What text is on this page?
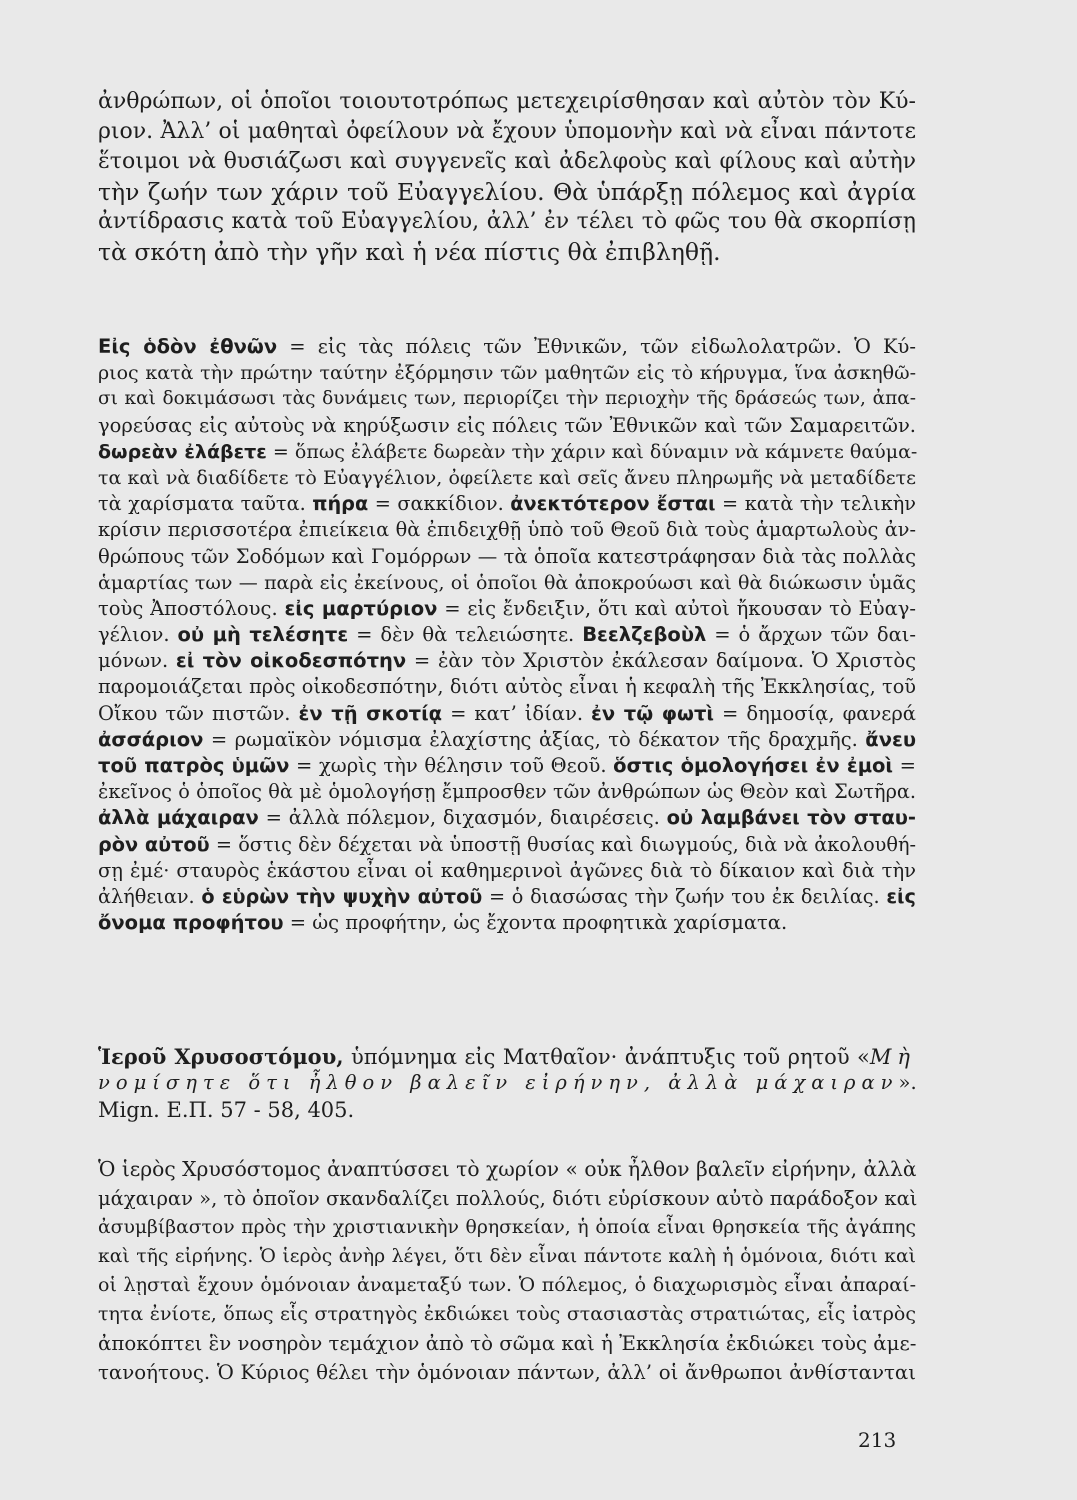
ἀνθρώπων, οἱ ὁποῖοι τοιουτοτρόπως μετεχειρίσθησαν καὶ αὐτὸν τὸν Κύ-
ριον. Ἀλλ’ οἱ μαθηταὶ ὀφείλουν νὰ ἔχουν ὑπομονὴν καὶ νὰ εἶναι πάντοτε
ἕτοιμοι νὰ θυσιάζωσι καὶ συγγενεῖς καὶ ἀδελφοὺς καὶ φίλους καὶ αὐτὴν
τὴν ζωήν των χάριν τοῦ Εὐαγγελίου. Θὰ ὑπάρξῃ πόλεμος καὶ ἀγρία
ἀντίδρασις κατὰ τοῦ Εὐαγγελίου, ἀλλ’ ἐν τέλει τὸ φῶς του θὰ σκορπίσῃ
τὰ σκότη ἀπὸ τὴν γῆν καὶ ἡ νέα πίστις θὰ ἐπιβληθῇ.
Εἰς ὁδὸν ἐθνῶν = εἰς τὰς πόλεις τῶν Ἐθνικῶν, τῶν εἰδωλολατρῶν. Ὁ Κύ-
ριος κατὰ τὴν πρώτην ταύτην ἐξόρμησιν τῶν μαθητῶν εἰς τὸ κήρυγμα, ἵνα ἀσκηθῶ-
σι καὶ δοκιμάσωσι τὰς δυνάμεις των, περιορίζει τὴν περιοχὴν τῆς δράσεώς των, ἀπα-
γορεύσας εἰς αὐτοὺς νὰ κηρύξωσιν εἰς πόλεις τῶν Ἐθνικῶν καὶ τῶν Σαμαρειτῶν.
δωρεὰν ἐλάβετε = ὅπως ἐλάβετε δωρεὰν τὴν χάριν καὶ δύναμιν νὰ κάμνετε θαύμα-
τα καὶ νὰ διαδίδετε τὸ Εὐαγγέλιον, ὀφείλετε καὶ σεῖς ἄνευ πληρωμῆς νὰ μεταδίδετε
τὰ χαρίσματα ταῦτα. πήρα = σακκίδιον. ἀνεκτότερον ἔσται = κατὰ τὴν τελικὴν
κρίσιν περισσοτέρα ἐπιείκεια θὰ ἐπιδειχθῇ ὑπὸ τοῦ Θεοῦ διὰ τοὺς ἁμαρτωλοὺς ἀν-
θρώπους τῶν Σοδόμων καὶ Γομόρρων — τὰ ὁποῖα κατεστράφησαν διὰ τὰς πολλὰς
ἁμαρτίας των — παρὰ εἰς ἐκείνους, οἱ ὁποῖοι θὰ ἀποκρούωσι καὶ θὰ διώκωσιν ὑμᾶς
τοὺς Ἀποστόλους. εἰς μαρτύριον = εἰς ἔνδειξιν, ὅτι καὶ αὐτοὶ ἤκουσαν τὸ Εὐαγ-
γέλιον. οὐ μὴ τελέσητε = δὲν θὰ τελειώσητε. Βεελζεβοὺλ = ὁ ἄρχων τῶν δαι-
μόνων. εἰ τὸν οἰκοδεσπότην = ἐὰν τὸν Χριστὸν ἐκάλεσαν δαίμονα. Ὁ Χριστὸς
παρομοιάζεται πρὸς οἰκοδεσπότην, διότι αὐτὸς εἶναι ἡ κεφαλὴ τῆς Ἐκκλησίας, τοῦ
Οἴκου τῶν πιστῶν. ἐν τῇ σκοτίᾳ = κατ’ ἰδίαν. ἐν τῷ φωτὶ = δημοσίᾳ, φανερά
ἀσσάριον = ρωμαϊκὸν νόμισμα ἐλαχίστης ἀξίας, τὸ δέκατον τῆς δραχμῆς. ἄνευ
τοῦ πατρὸς ὑμῶν = χωρὶς τὴν θέλησιν τοῦ Θεοῦ. ὅστις ὁμολογήσει ἐν ἐμοὶ =
ἐκεῖνος ὁ ὁποῖος θὰ μὲ ὁμολογήσῃ ἔμπροσθεν τῶν ἀνθρώπων ὡς Θεὸν καὶ Σωτῆρα.
ἀλλὰ μάχαιραν = ἀλλὰ πόλεμον, διχασμόν, διαιρέσεις. οὐ λαμβάνει τὸν σταυ-
ρὸν αὐτοῦ = ὅστις δὲν δέχεται νὰ ὑποστῇ θυσίας καὶ διωγμούς, διὰ νὰ ἀκολουθή-
σῃ ἐμέ· σταυρὸς ἑκάστου εἶναι οἱ καθημερινοὶ ἀγῶνες διὰ τὸ δίκαιον καὶ διὰ τὴν
ἀλήθειαν. ὁ εὑρὼν τὴν ψυχὴν αὐτοῦ = ὁ διασώσας τὴν ζωήν του ἐκ δειλίας. εἰς
ὄνομα προφήτου = ὡς προφήτην, ὡς ἔχοντα προφητικὰ χαρίσματα.
Ἱεροῦ Χρυσοστόμου, ὑπόμνημα εἰς Ματθαῖον· ἀνάπτυξις τοῦ ρητοῦ «Μὴ
νομίσητε ὅτι ἦλθον βαλεῖν εἰρήνην, ἀλλὰ μάχαιραν».
Mign. Ε.Π. 57 - 58, 405.
Ὁ ἱερὸς Χρυσόστομος ἀναπτύσσει τὸ χωρίον « οὐκ ἦλθον βαλεῖν εἰρήνην, ἀλλὰ
μάχαιραν », τὸ ὁποῖον σκανδαλίζει πολλούς, διότι εὑρίσκουν αὐτὸ παράδοξον καὶ
ἀσυμβίβαστον πρὸς τὴν χριστιανικὴν θρησκείαν, ἡ ὁποία εἶναι θρησκεία τῆς ἀγάπης
καὶ τῆς εἰρήνης. Ὁ ἱερὸς ἀνὴρ λέγει, ὅτι δὲν εἶναι πάντοτε καλὴ ἡ ὁμόνοια, διότι καὶ
οἱ λῃσταὶ ἔχουν ὁμόνοιαν ἀναμεταξύ των. Ὁ πόλεμος, ὁ διαχωρισμὸς εἶναι ἀπαραί-
τητα ἐνίοτε, ὅπως εἷς στρατηγὸς ἐκδιώκει τοὺς στασιαστὰς στρατιώτας, εἷς ἰατρὸς
ἀποκόπτει ἓν νοσηρὸν τεμάχιον ἀπὸ τὸ σῶμα καὶ ἡ Ἐκκλησία ἐκδιώκει τοὺς ἀμε-
τανοήτους. Ὁ Κύριος θέλει τὴν ὁμόνοιαν πάντων, ἀλλ’ οἱ ἄνθρωποι ἀνθίστανται
213
